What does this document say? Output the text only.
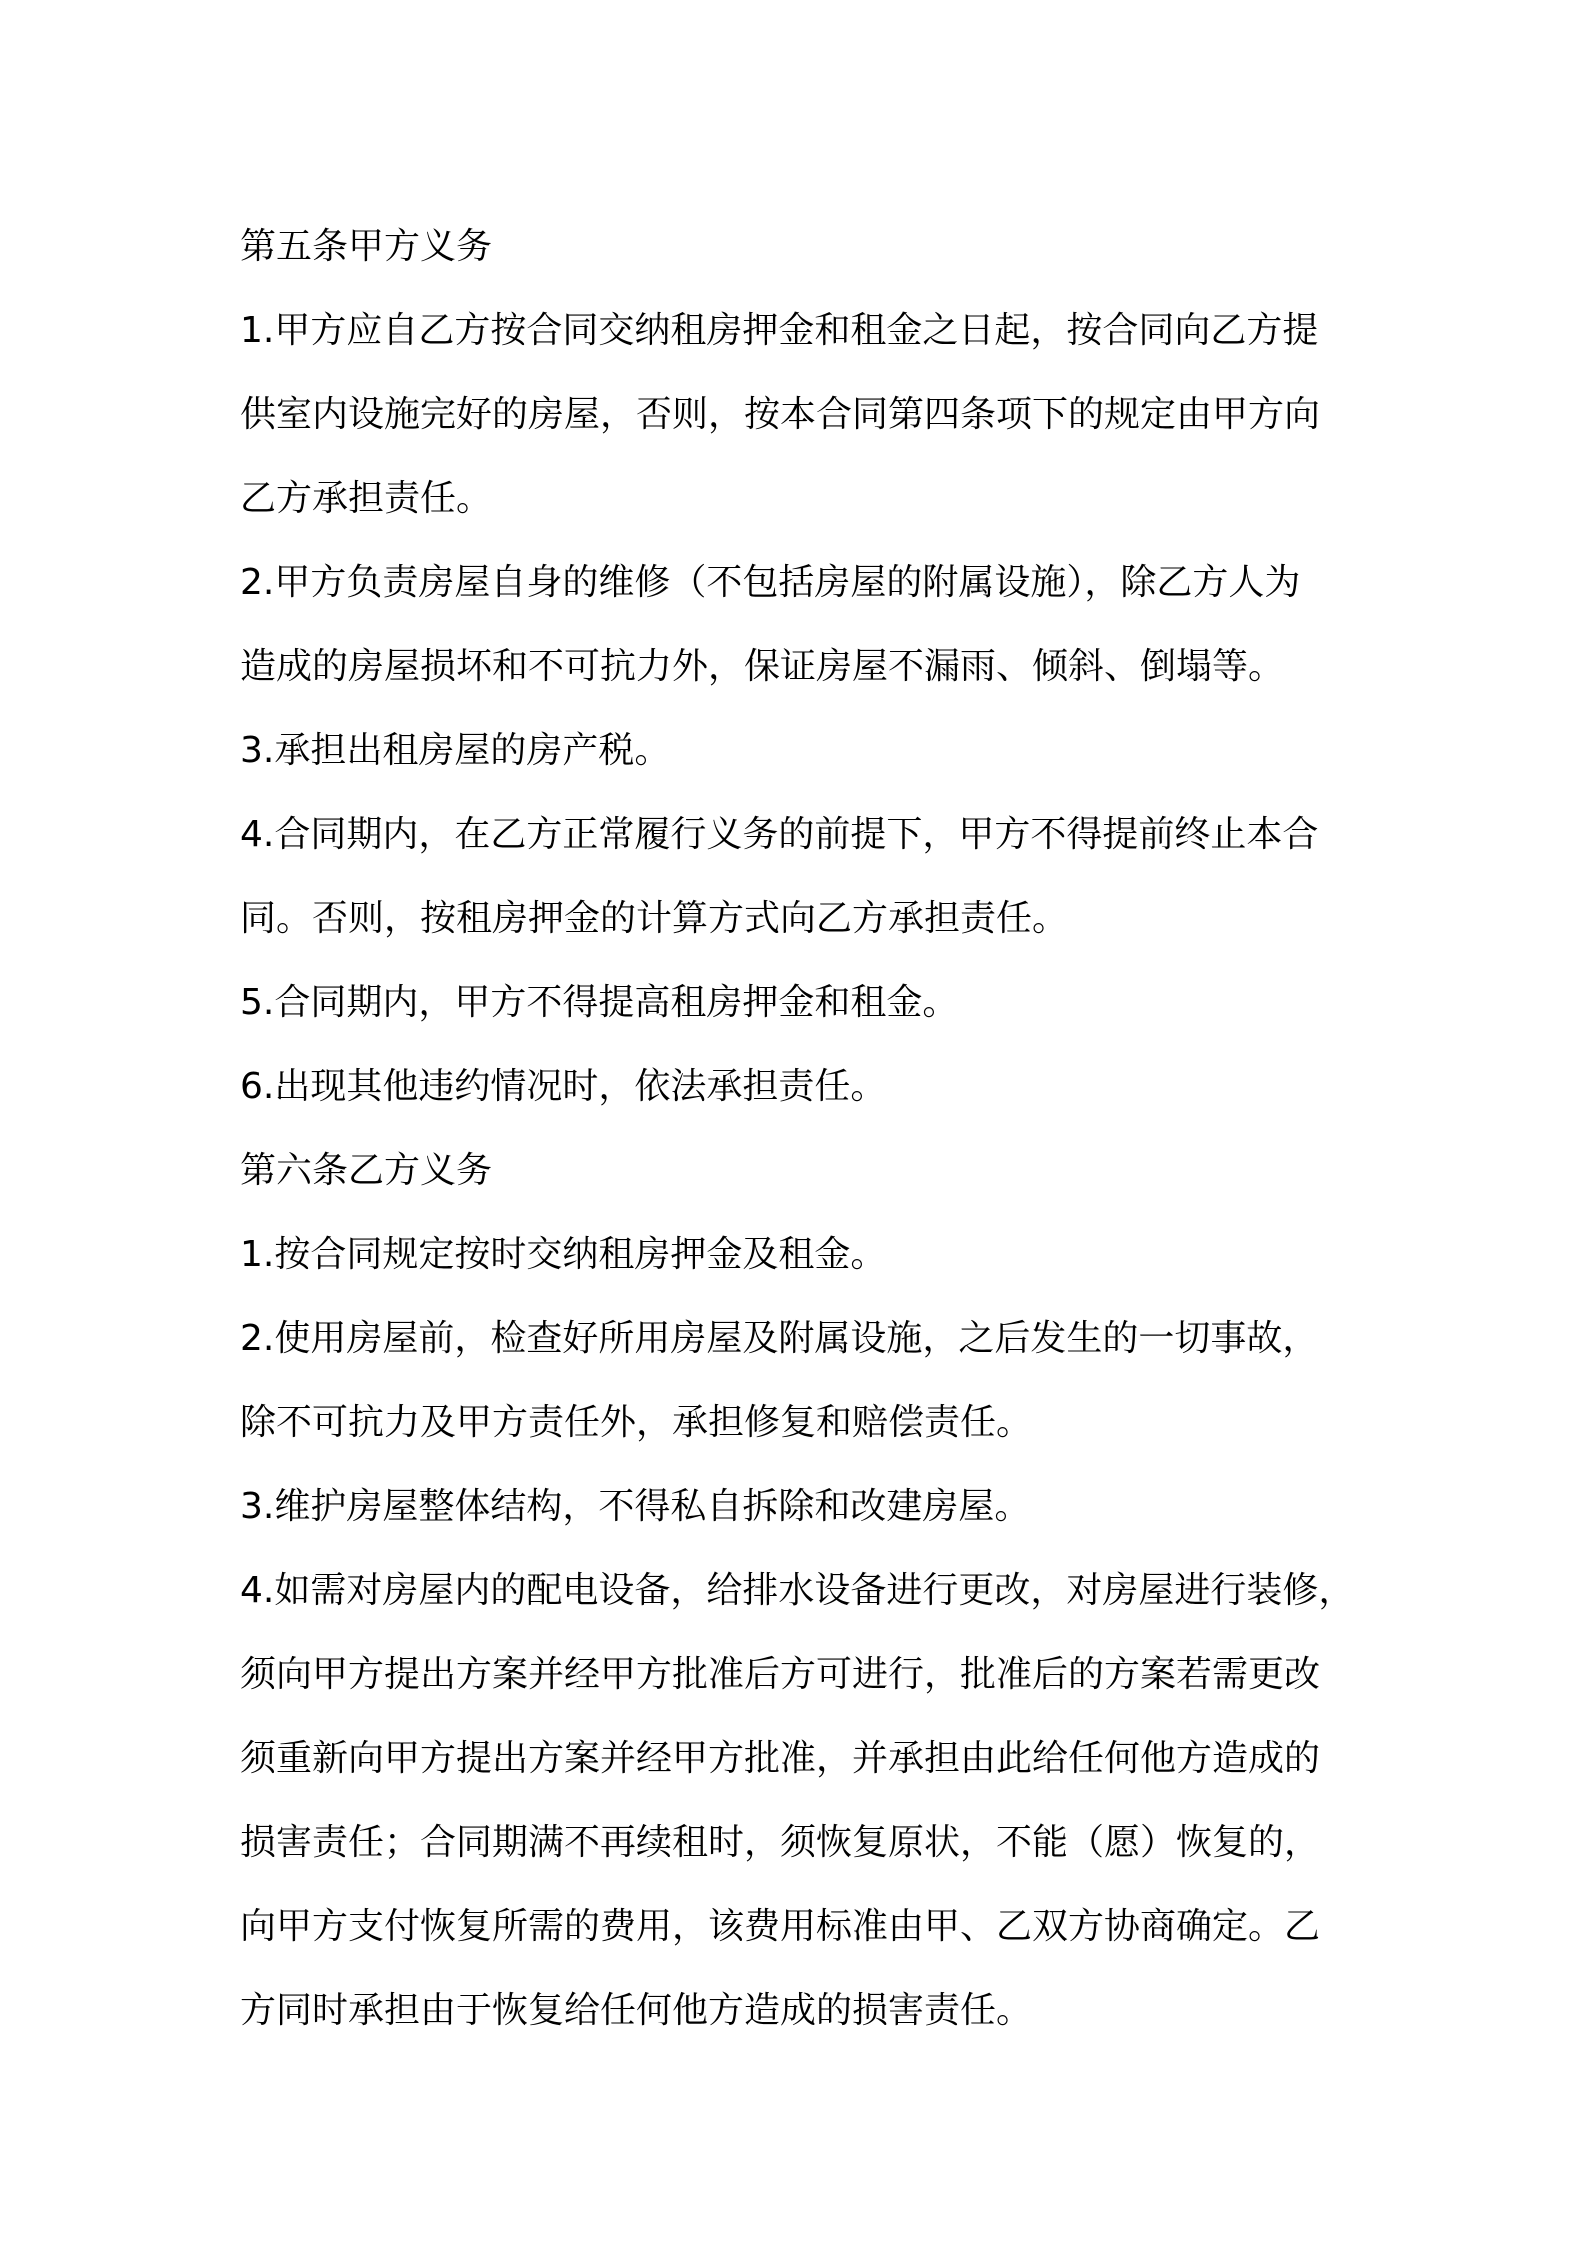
第五条甲方义务
1.甲方应自乙方按合同交纳租房押金和租金之日起，按合同向乙方提
供室内设施完好的房屋，否则，按本合同第四条项下的规定由甲方向
乙方承担责任。
2.甲方负责房屋自身的维修（不包括房屋的附属设施），除乙方人为
造成的房屋损坏和不可抗力外，保证房屋不漏雨、倾斜、倒塌等。
3.承担出租房屋的房产税。
4.合同期内，在乙方正常履行义务的前提下，甲方不得提前终止本合
同。否则，按租房押金的计算方式向乙方承担责任。
5.合同期内，甲方不得提高租房押金和租金。
6.出现其他违约情况时，依法承担责任。
第六条乙方义务
1.按合同规定按时交纳租房押金及租金。
2.使用房屋前，检查好所用房屋及附属设施，之后发生的一切事故，
除不可抗力及甲方责任外，承担修复和赔偿责任。
3.维护房屋整体结构，不得私自拆除和改建房屋。
4.如需对房屋内的配电设备，给排水设备进行更改，对房屋进行装修，
须向甲方提出方案并经甲方批准后方可进行，批准后的方案若需更改
须重新向甲方提出方案并经甲方批准，并承担由此给任何他方造成的
损害责任；合同期满不再续租时，须恢复原状，不能（愿）恢复的，
向甲方支付恢复所需的费用，该费用标准由甲、乙双方协商确定。乙
方同时承担由于恢复给任何他方造成的损害责任。
